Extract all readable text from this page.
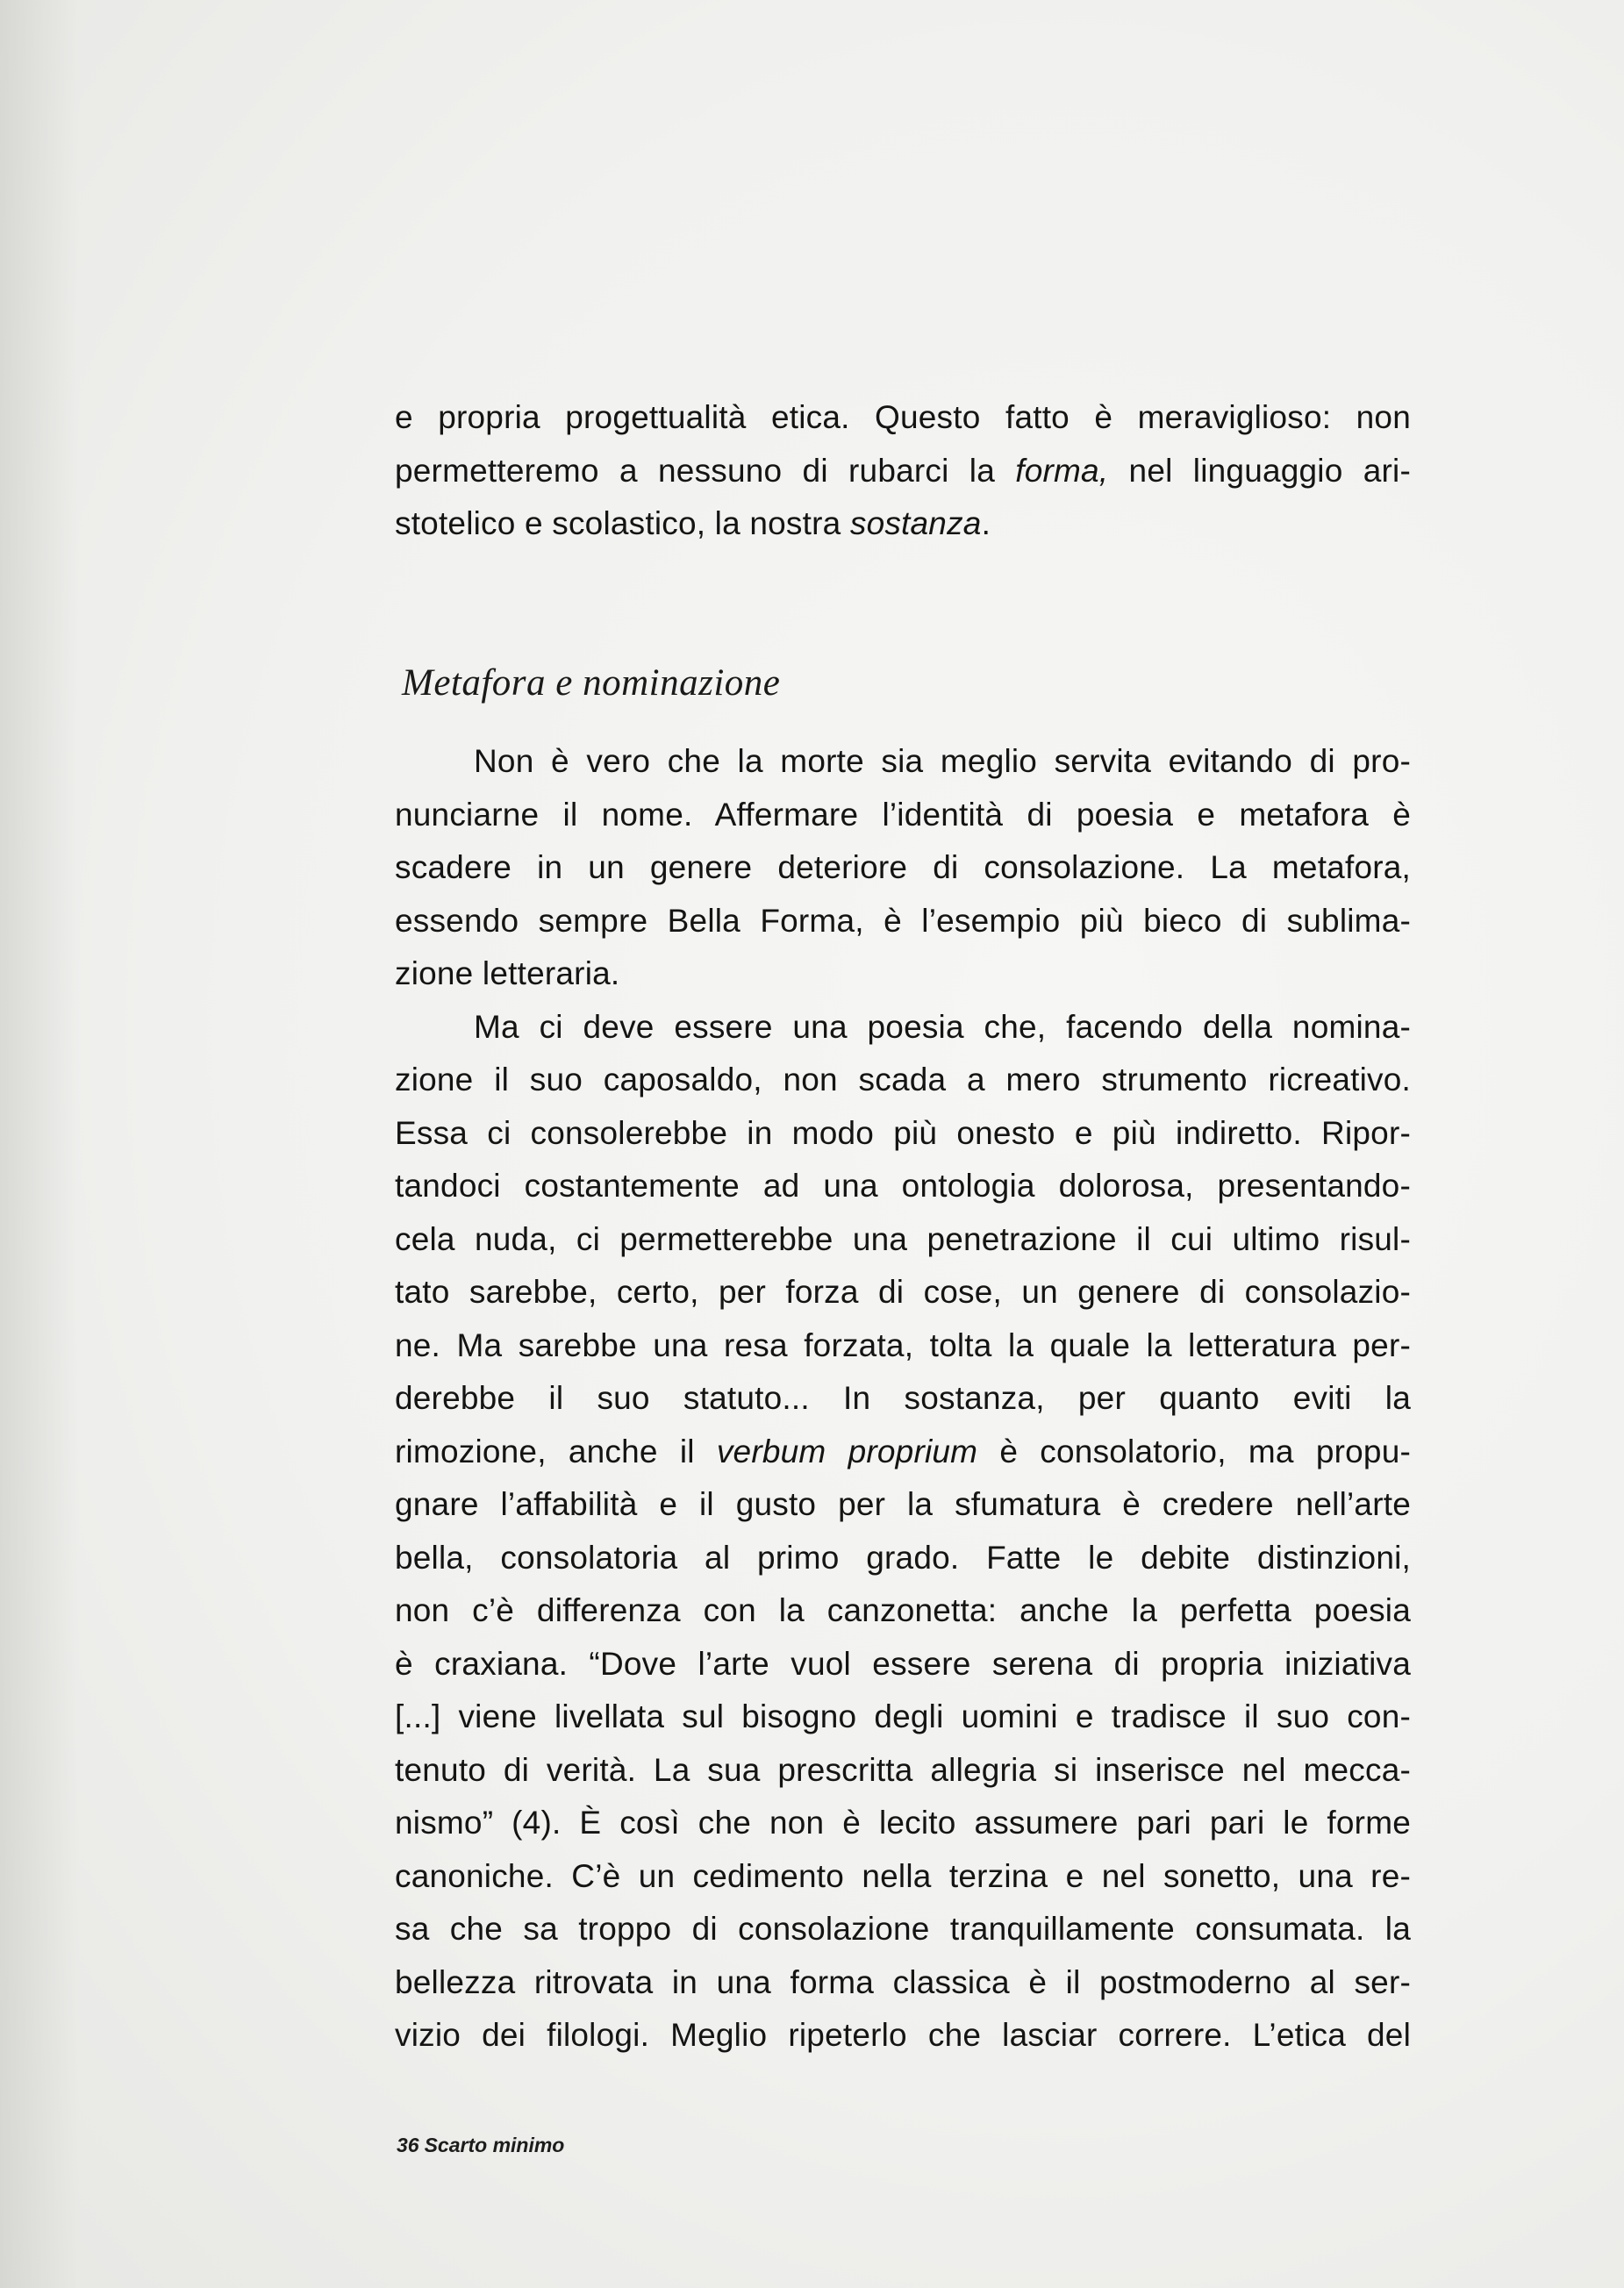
e propria progettualità etica. Questo fatto è meraviglioso: non
permetteremo a nessuno di rubarci la forma, nel linguaggio ari-
stotelico e scolastico, la nostra sostanza.
Metafora e nominazione
Non è vero che la morte sia meglio servita evitando di pro-
nunciarne il nome. Affermare l’identità di poesia e metafora è
scadere in un genere deteriore di consolazione. La metafora,
essendo sempre Bella Forma, è l’esempio più bieco di sublima-
zione letteraria.
Ma ci deve essere una poesia che, facendo della nomina-
zione il suo caposaldo, non scada a mero strumento ricreativo.
Essa ci consolerebbe in modo più onesto e più indiretto. Ripor-
tandoci costantemente ad una ontologia dolorosa, presentando-
cela nuda, ci permetterebbe una penetrazione il cui ultimo risul-
tato sarebbe, certo, per forza di cose, un genere di consolazio-
ne. Ma sarebbe una resa forzata, tolta la quale la letteratura per-
derebbe il suo statuto... In sostanza, per quanto eviti la
rimozione, anche il verbum proprium è consolatorio, ma propu-
gnare l’affabilità e il gusto per la sfumatura è credere nell’arte
bella, consolatoria al primo grado. Fatte le debite distinzioni,
non c’è differenza con la canzonetta: anche la perfetta poesia
è craxiana. “Dove l’arte vuol essere serena di propria iniziativa
[...] viene livellata sul bisogno degli uomini e tradisce il suo con-
tenuto di verità. La sua prescritta allegria si inserisce nel mecca-
nismo” (4). È così che non è lecito assumere pari pari le forme
canoniche. C’è un cedimento nella terzina e nel sonetto, una re-
sa che sa troppo di consolazione tranquillamente consumata. la
bellezza ritrovata in una forma classica è il postmoderno al ser-
vizio dei filologi. Meglio ripeterlo che lasciar correre. L’etica del
36 Scarto minimo
